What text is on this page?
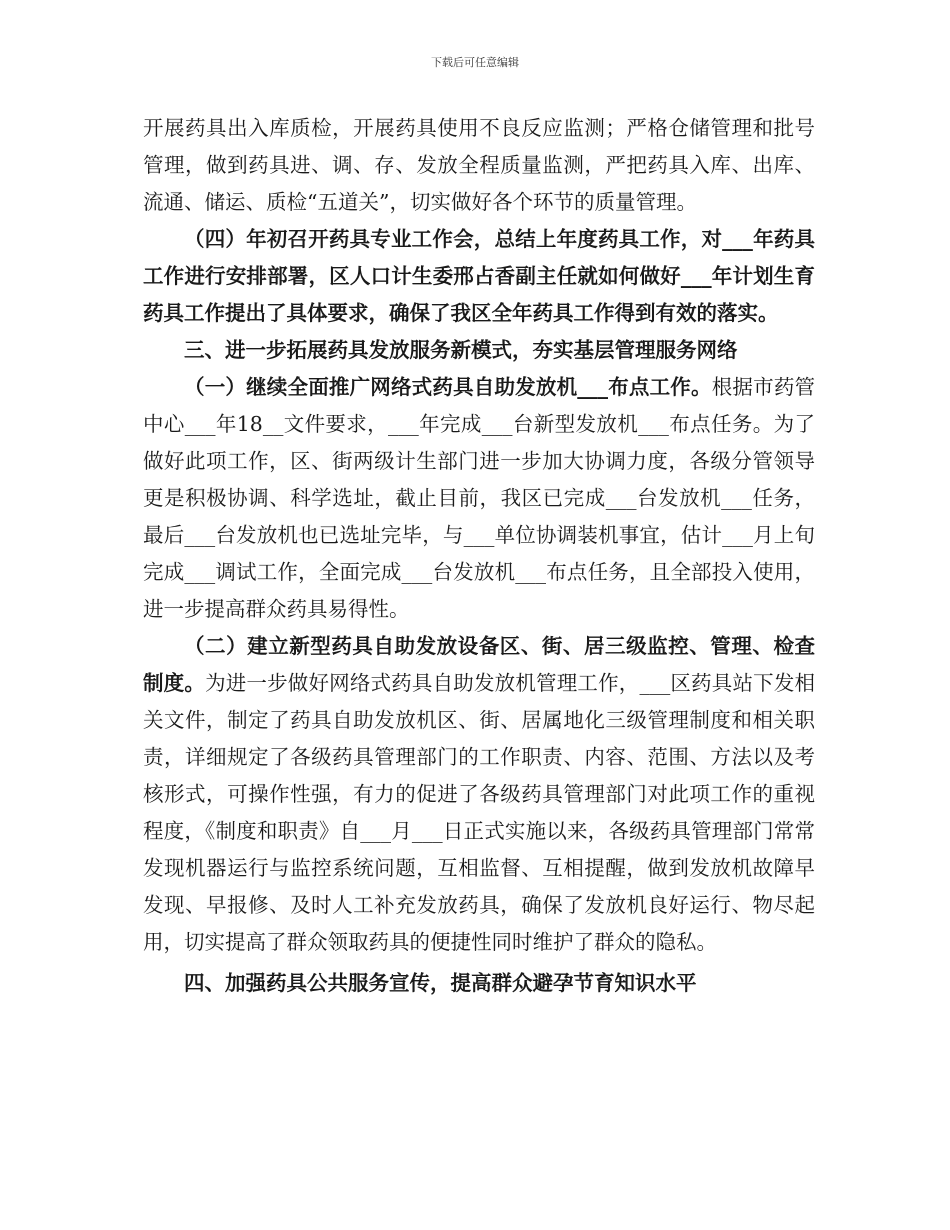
下载后可任意编辑

开展药具出入库质检，开展药具使用不良反应监测；严格仓储管理和批号管理，做到药具进、调、存、发放全程质量监测，严把药具入库、出库、流通、储运、质检“五道关”，切实做好各个环节的质量管理。

（四）年初召开药具专业工作会，总结上年度药具工作，对___年药具工作进行安排部署，区人口计生委邢占香副主任就如何做好___年计划生育药具工作提出了具体要求，确保了我区全年药具工作得到有效的落实。

三、进一步拓展药具发放服务新模式，夯实基层管理服务网络

（一）继续全面推广网络式药具自助发放机___布点工作。根据市药管中心___年18__文件要求，___年完成___台新型发放机___布点任务。为了做好此项工作，区、街两级计生部门进一步加大协调力度，各级分管领导更是积极协调、科学选址，截止目前，我区已完成___台发放机___任务，最后___台发放机也已选址完毕，与___单位协调装机事宜，估计___月上旬完成___调试工作，全面完成___台发放机___布点任务，且全部投入使用，进一步提高群众药具易得性。

（二）建立新型药具自助发放设备区、街、居三级监控、管理、检查制度。为进一步做好网络式药具自助发放机管理工作，___区药具站下发相关文件，制定了药具自助发放机区、街、居属地化三级管理制度和相关职责，详细规定了各级药具管理部门的工作职责、内容、范围、方法以及考核形式，可操作性强，有力的促进了各级药具管理部门对此项工作的重视程度，《制度和职责》自___月___日正式实施以来，各级药具管理部门常常发现机器运行与监控系统问题，互相监督、互相提醒，做到发放机故障早发现、早报修、及时人工补充发放药具，确保了发放机良好运行、物尽起用，切实提高了群众领取药具的便捷性同时维护了群众的隐私。

四、加强药具公共服务宣传，提高群众避孕节育知识水平
